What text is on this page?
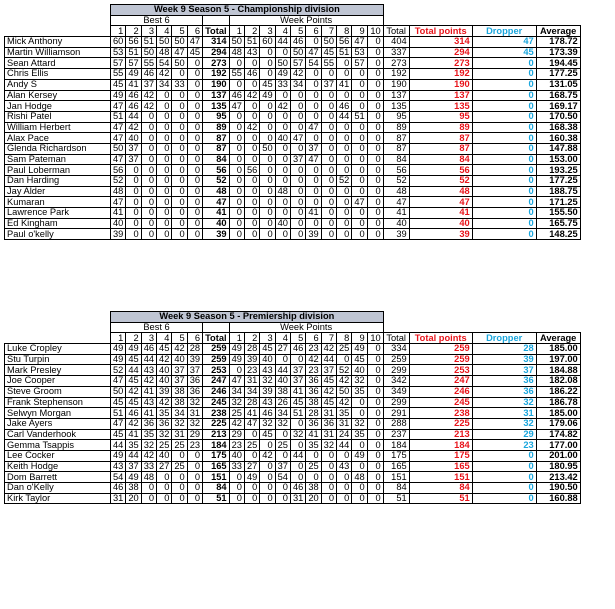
	Week 9 Season 5 - Championship division																				
	Best 6							Week Points													
	1	2	3	4	5	6	Total	1	2	3	4	5	6	7	8	9	10	Total	Total points	Dropper	Average
Mick Anthony	60	56	51	50	50	47	314	50	51	60	44	46	0	50	56	47	0	404	314	47	178.72
Martin Williamson	53	51	50	48	47	45	294	48	43	0	0	50	47	45	51	53	0	337	294	45	173.39
Sean Attard	57	57	55	54	50	0	273	0	0	0	50	57	54	55	0	57	0	273	273	0	194.45
Chris Ellis	55	49	46	42	0	0	192	55	46	0	49	42	0	0	0	0	0	192	192	0	177.25
Andy S	45	41	37	34	33	0	190	0	0	45	33	34	0	37	41	0	0	190	190	0	131.05
Alan Kersey	49	46	42	0	0	0	137	46	42	49	0	0	0	0	0	0	0	137	137	0	168.75
Jan Hodge	47	46	42	0	0	0	135	47	0	0	42	0	0	0	46	0	0	135	135	0	169.17
Rishi Patel	51	44	0	0	0	0	95	0	0	0	0	0	0	0	44	51	0	95	95	0	170.50
William Herbert	47	42	0	0	0	0	89	0	42	0	0	0	47	0	0	0	0	89	89	0	168.38
Alax Pace	47	40	0	0	0	0	87	0	0	0	40	47	0	0	0	0	0	87	87	0	160.38
Glenda Richardson	50	37	0	0	0	0	87	0	0	50	0	0	37	0	0	0	0	87	87	0	147.88
Sam Pateman	47	37	0	0	0	0	84	0	0	0	0	37	47	0	0	0	0	84	84	0	153.00
Paul Loberman	56	0	0	0	0	0	56	0	56	0	0	0	0	0	0	0	0	56	56	0	193.25
Dan Harding	52	0	0	0	0	0	52	0	0	0	0	0	0	0	52	0	0	52	52	0	177.25
Jay Alder	48	0	0	0	0	0	48	0	0	0	48	0	0	0	0	0	0	48	48	0	188.75
Kumaran	47	0	0	0	0	0	47	0	0	0	0	0	0	0	0	47	0	47	47	0	171.25
Lawrence Park	41	0	0	0	0	0	41	0	0	0	0	0	41	0	0	0	0	41	41	0	155.50
Ed Kingham	40	0	0	0	0	0	40	0	0	0	40	0	0	0	0	0	0	40	40	0	165.75
Paul o'kelly	39	0	0	0	0	0	39	0	0	0	0	0	39	0	0	0	0	39	39	0	148.25
	Week 9 Season 5 - Premiership division																				
	Best 6							Week Points													
	1	2	3	4	5	6	Total	1	2	3	4	5	6	7	8	9	10	Total	Total points	Dropper	Average
Luke Cropley	49	49	46	45	42	28	259	49	28	45	27	46	23	42	25	49	0	334	259	28	185.00
Stu Turpin	49	45	44	42	40	39	259	49	39	40	0	0	42	44	0	45	0	259	259	39	197.00
Mark Presley	52	44	43	40	37	37	253	0	23	43	44	37	23	37	52	40	0	299	253	37	184.88
Joe Cooper	47	45	42	40	37	36	247	47	31	32	40	37	36	45	42	32	0	342	247	36	182.08
Steve Groom	50	42	41	39	38	36	246	34	34	39	38	41	36	42	50	35	0	349	246	36	186.22
Frank Stephenson	45	45	43	42	38	32	245	32	28	43	26	45	38	45	42	0	0	299	245	32	186.78
Selwyn Morgan	51	46	41	35	34	31	238	25	41	46	34	51	28	31	35	0	0	291	238	31	185.00
Jake Ayers	47	42	36	36	32	32	225	42	47	32	32	0	36	36	31	32	0	288	225	32	179.06
Carl Vanderhook	45	41	35	32	31	29	213	29	0	45	0	32	41	31	24	35	0	237	213	29	174.82
Gemma Tsappis	44	35	32	25	25	23	184	23	25	0	25	0	35	32	44	0	0	184	184	23	177.00
Lee Cocker	49	44	42	40	0	0	175	40	0	42	0	44	0	0	0	49	0	175	175	0	201.00
Keith Hodge	43	37	33	27	25	0	165	33	27	0	37	0	25	0	43	0	0	165	165	0	180.95
Dom Barrett	54	49	48	0	0	0	151	0	49	0	54	0	0	0	0	48	0	151	151	0	213.42
Dan o'Kelly	46	38	0	0	0	0	84	0	0	0	0	46	38	0	0	0	0	84	84	0	190.50
Kirk Taylor	31	20	0	0	0	0	51	0	0	0	0	31	20	0	0	0	0	51	51	0	160.88
